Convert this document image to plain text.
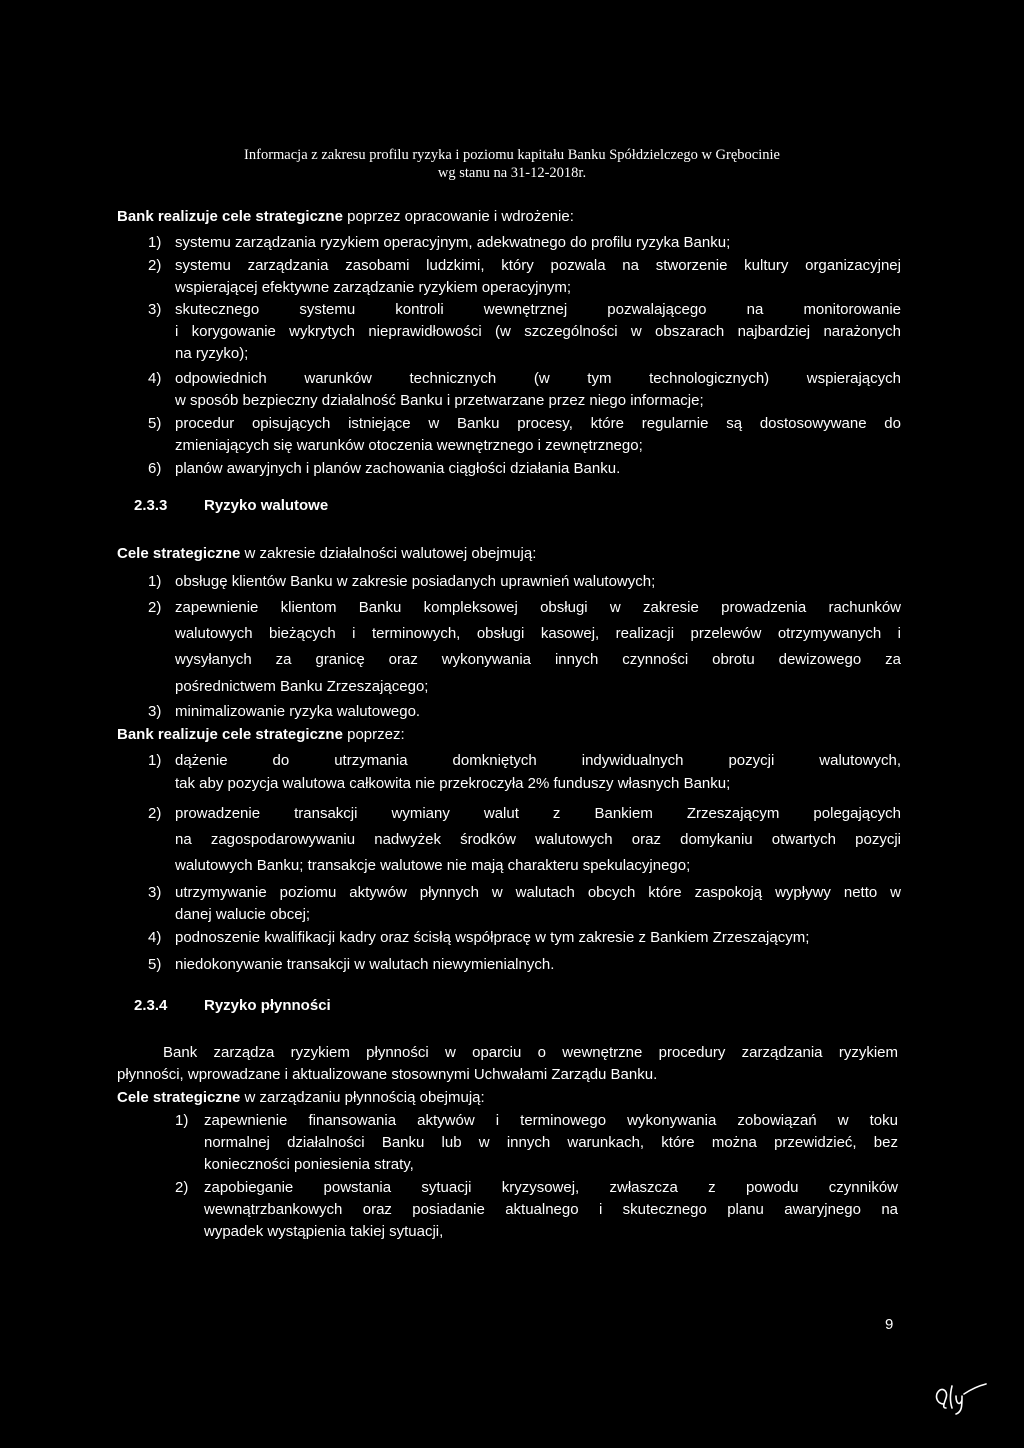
Informacja z zakresu profilu ryzyka i poziomu kapitału Banku Spółdzielczego w Grębocinie
wg stanu na 31-12-2018r.
Bank realizuje cele strategiczne poprzez opracowanie i wdrożenie:
1) systemu zarządzania ryzykiem operacyjnym, adekwatnego do profilu ryzyka Banku;
2) systemu zarządzania zasobami ludzkimi, który pozwala na stworzenie kultury organizacyjnej
wspierającej efektywne zarządzanie ryzykiem operacyjnym;
3) skutecznego systemu kontroli wewnętrznej pozwalającego na monitorowanie
i korygowanie wykrytych nieprawidłowości (w szczególności w obszarach najbardziej narażonych
na ryzyko);
4) odpowiednich warunków technicznych (w tym technologicznych) wspierających
w sposób bezpieczny działalność Banku i przetwarzane przez niego informacje;
5) procedur opisujących istniejące w Banku procesy, które regularnie są dostosowywane do
zmieniających się warunków otoczenia wewnętrznego i zewnętrznego;
6) planów awaryjnych i planów zachowania ciągłości działania Banku.
2.3.3 Ryzyko walutowe
Cele strategiczne w zakresie działalności walutowej obejmują:
1) obsługę klientów Banku w zakresie posiadanych uprawnień walutowych;
2) zapewnienie klientom Banku kompleksowej obsługi w zakresie prowadzenia rachunków
walutowych bieżących i terminowych, obsługi kasowej, realizacji przelewów otrzymywanych i
wysyłanych za granicę oraz wykonywania innych czynności obrotu dewizowego za
pośrednictwem Banku Zrzeszającego;
3) minimalizowanie ryzyka walutowego.
Bank realizuje cele strategiczne poprzez:
1) dążenie do utrzymania domkniętych indywidualnych pozycji walutowych,
tak aby pozycja walutowa całkowita nie przekroczyła 2% funduszy własnych Banku;
2) prowadzenie transakcji wymiany walut z Bankiem Zrzeszającym polegających
na zagospodarowywaniu nadwyżek środków walutowych oraz domykaniu otwartych pozycji
walutowych Banku; transakcje walutowe nie mają charakteru spekulacyjnego;
3) utrzymywanie poziomu aktywów płynnych w walutach obcych które zaspokoją wypływy netto w
danej walucie obcej;
4) podnoszenie kwalifikacji kadry oraz ścisłą współpracę w tym zakresie z Bankiem Zrzeszającym;
5) niedokonywanie transakcji w walutach niewymienialnych.
2.3.4 Ryzyko płynności
Bank zarządza ryzykiem płynności w oparciu o wewnętrzne procedury zarządzania ryzykiem
płynności, wprowadzane i aktualizowane stosownymi Uchwałami Zarządu Banku.
Cele strategiczne w zarządzaniu płynnością obejmują:
1) zapewnienie finansowania aktywów i terminowego wykonywania zobowiązań w toku
normalnej działalności Banku lub w innych warunkach, które można przewidzieć, bez
konieczności poniesienia straty,
2) zapobieganie powstania sytuacji kryzysowej, zwłaszcza z powodu czynników
wewnątrzbankowych oraz posiadanie aktualnego i skutecznego planu awaryjnego na
wypadek wystąpienia takiej sytuacji,
9
